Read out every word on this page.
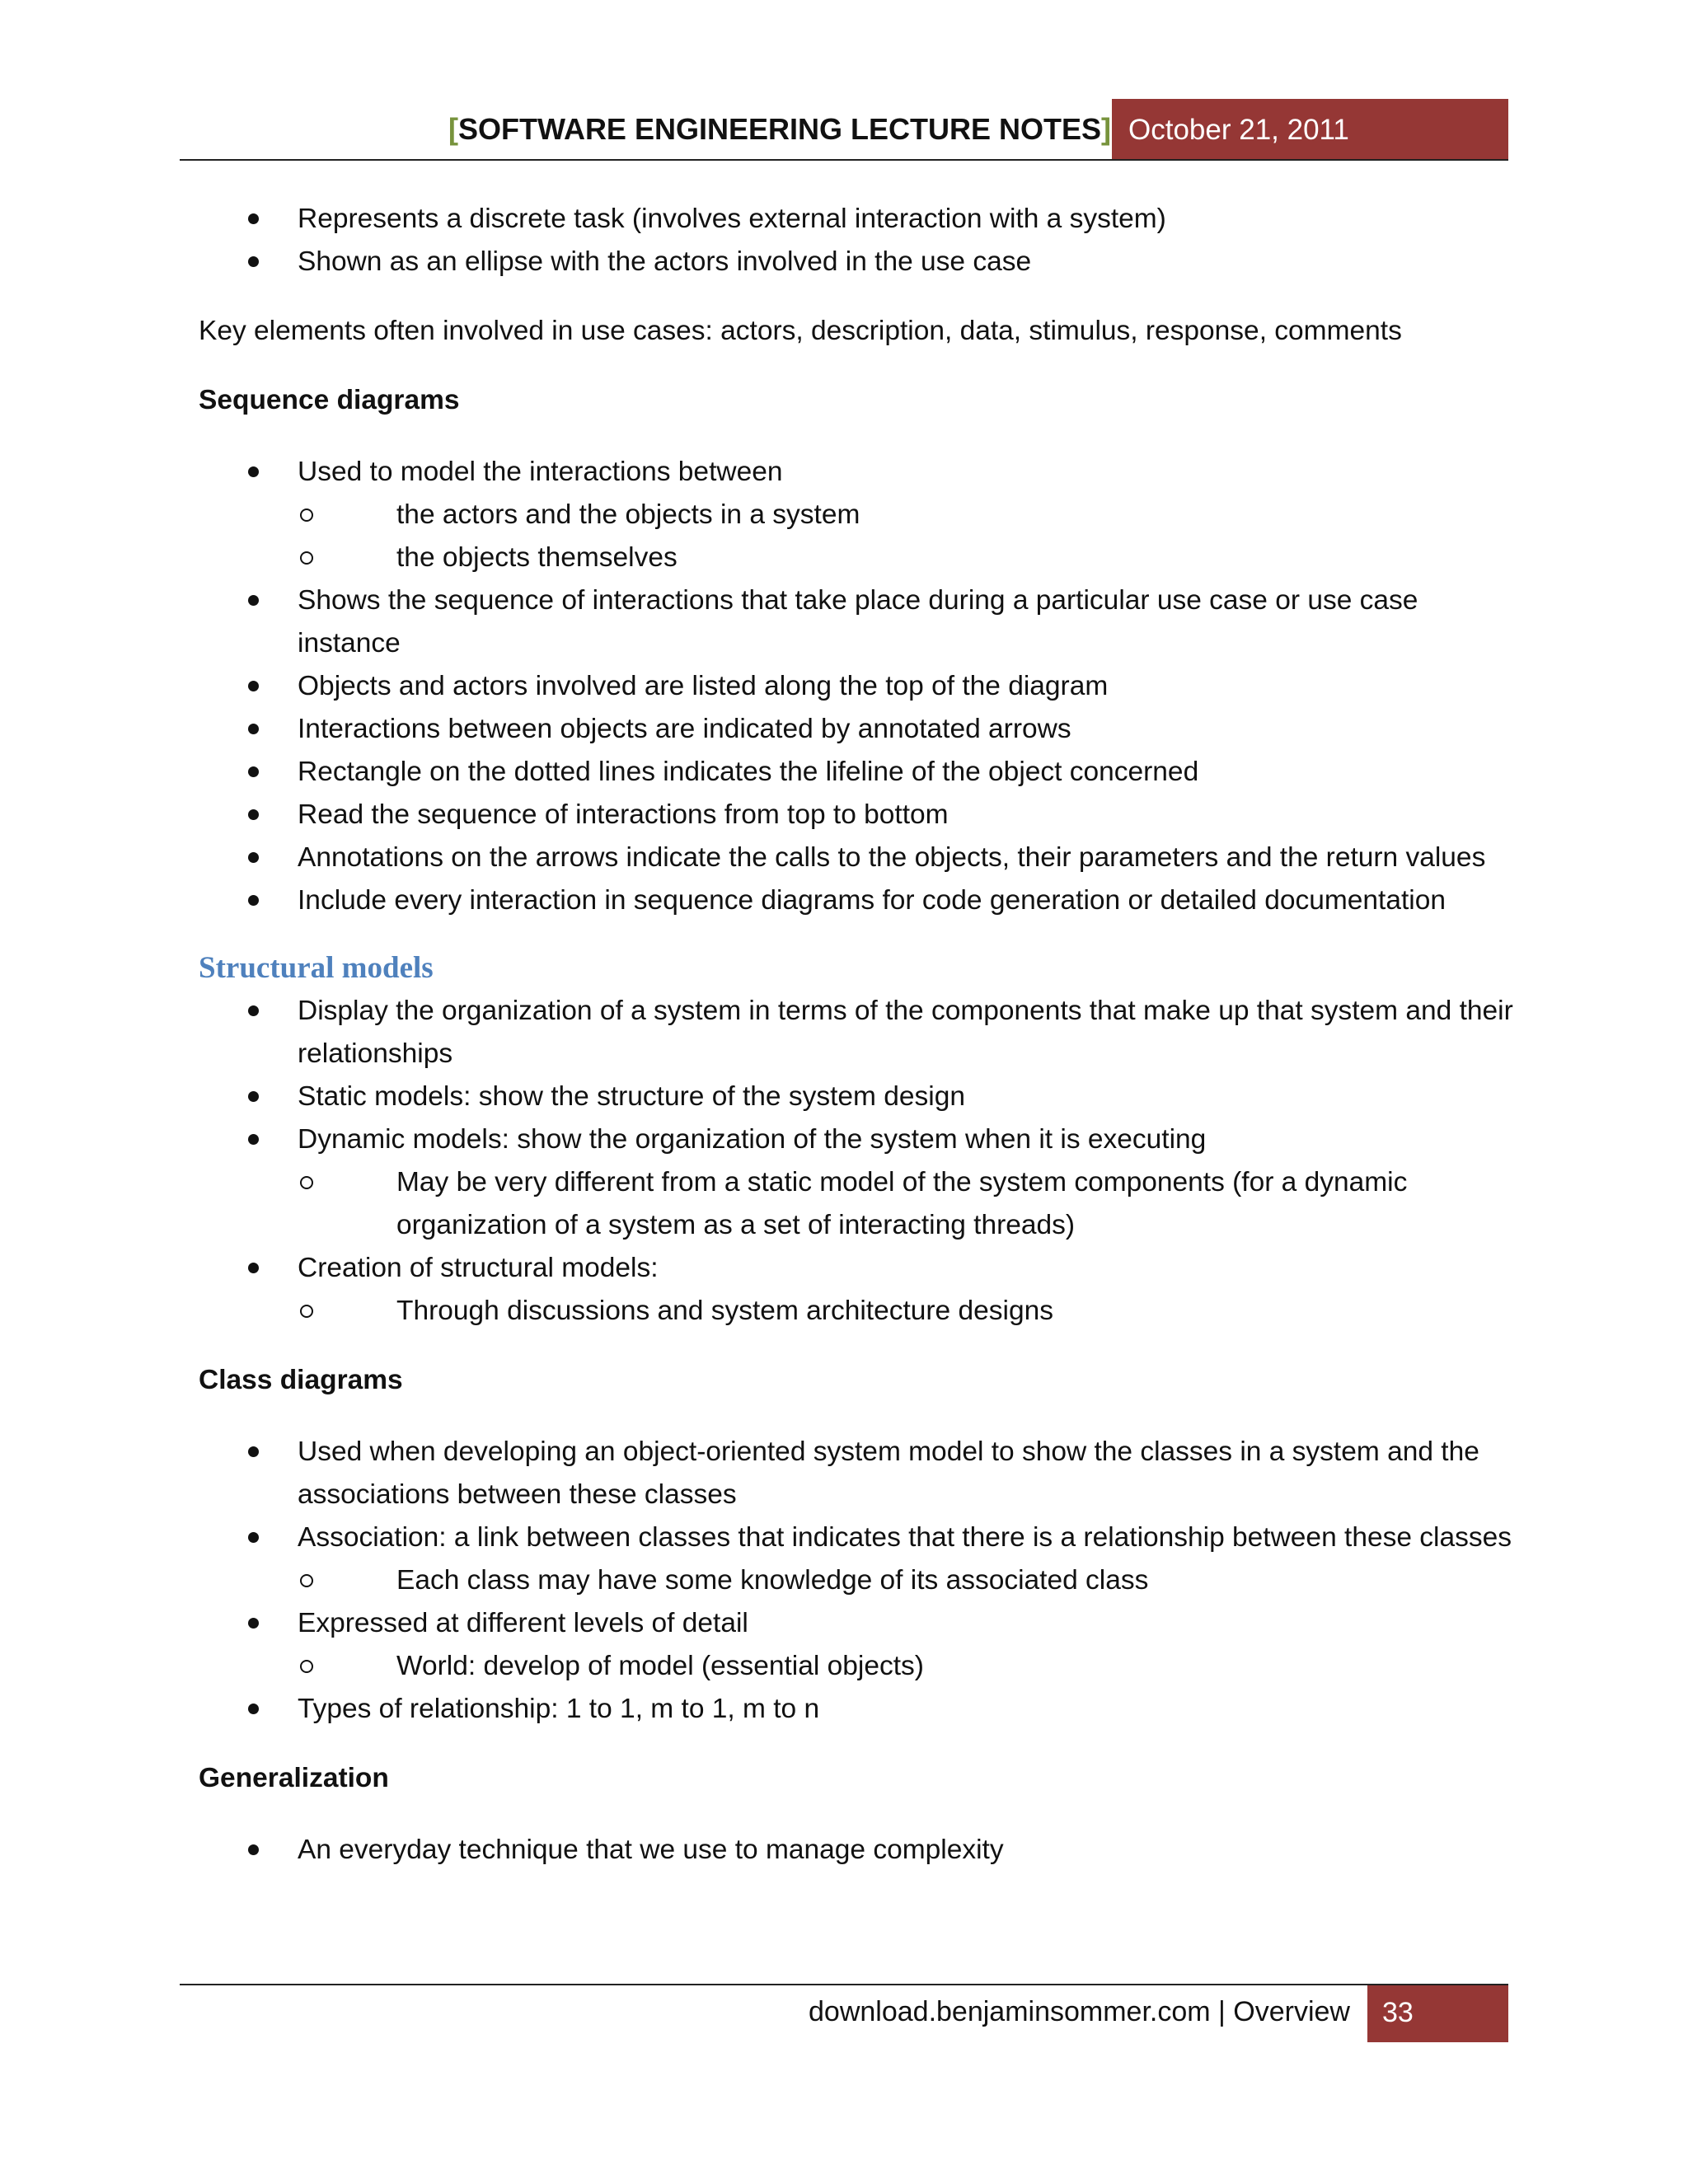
[SOFTWARE ENGINEERING LECTURE NOTES] October 21, 2011
Represents a discrete task (involves external interaction with a system)
Shown as an ellipse with the actors involved in the use case

Key elements often involved in use cases: actors, description, data, stimulus, response, comments

Sequence diagrams

Used to model the interactions between
the actors and the objects in a system
the objects themselves
Shows the sequence of interactions that take place during a particular use case or use case instance
Objects and actors involved are listed along the top of the diagram
Interactions between objects are indicated by annotated arrows
Rectangle on the dotted lines indicates the lifeline of the object concerned
Read the sequence of interactions from top to bottom
Annotations on the arrows indicate the calls to the objects, their parameters and the return values
Include every interaction in sequence diagrams for code generation or detailed documentation
Structural models
Display the organization of a system in terms of the components that make up that system and their relationships
Static models: show the structure of the system design
Dynamic models: show the organization of the system when it is executing
May be very different from a static model of the system components (for a dynamic organization of a system as a set of interacting threads)
Creation of structural models:
Through discussions and system architecture designs

Class diagrams

Used when developing an object-oriented system model to show the classes in a system and the associations between these classes
Association: a link between classes that indicates that there is a relationship between these classes
Each class may have some knowledge of its associated class
Expressed at different levels of detail
World: develop of model (essential objects)
Types of relationship: 1 to 1, m to 1, m to n

Generalization

An everyday technique that we use to manage complexity
download.benjaminsommer.com | Overview	33
